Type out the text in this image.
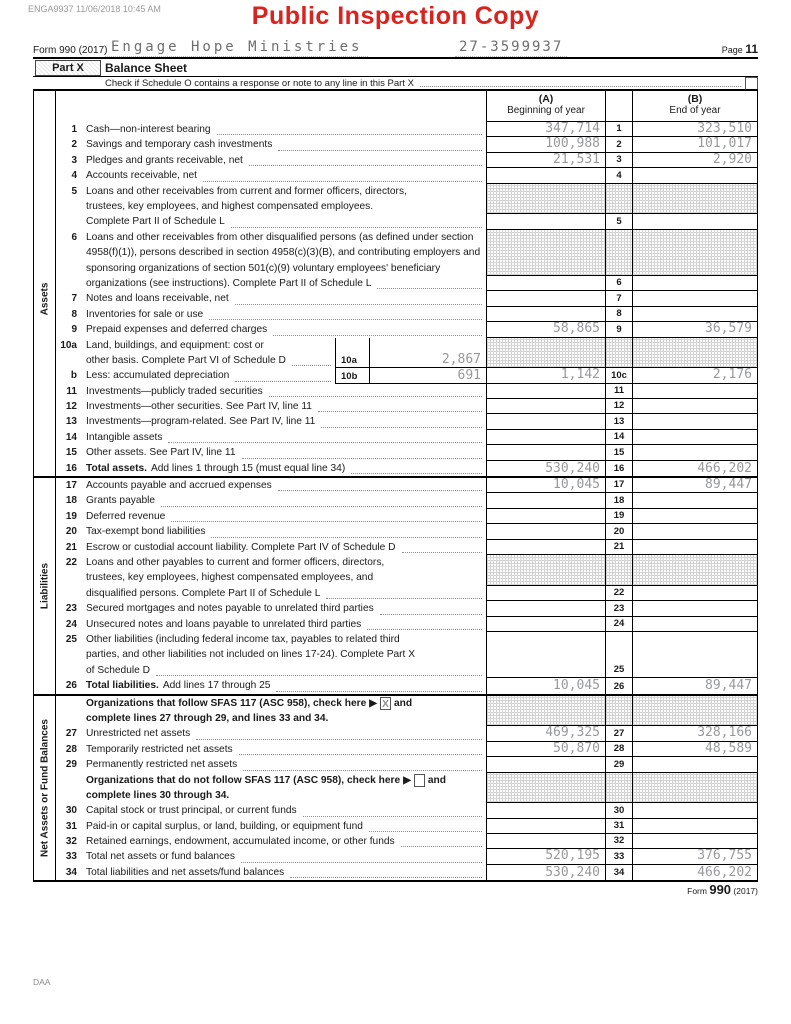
ENGA9937 11/06/2018 10:45 AM	Public Inspection Copy
Form 990 (2017) Engage Hope Ministries	27-3599937	Page 11
Part X	Balance Sheet
Check if Schedule O contains a response or note to any line in this Part X
(A)
Beginning of year
(B)
End of year
Assets
1 Cash—non-interest bearing	347,714 1	323,510
2 Savings and temporary cash investments	100,988 2	101,017
3 Pledges and grants receivable, net	21,531 3	2,920
4 Accounts receivable, net	4
5 Loans and other receivables from current and former officers, directors,
trustees, key employees, and highest compensated employees.
Complete Part II of Schedule L	5
6 Loans and other receivables from other disqualified persons (as defined under section
4958(f)(1)), persons described in section 4958(c)(3)(B), and contributing employers and
sponsoring organizations of section 501(c)(9) voluntary employees' beneficiary
organizations (see instructions). Complete Part II of Schedule L	6
7 Notes and loans receivable, net	7
8 Inventories for sale or use	8
9 Prepaid expenses and deferred charges	58,865 9	36,579
10a Land, buildings, and equipment: cost or
other basis. Complete Part VI of Schedule D	10a	2,867
b Less: accumulated depreciation	10b	691	1,142 10c	2,176
11 Investments—publicly traded securities	11
12 Investments—other securities. See Part IV, line 11	12
13 Investments—program-related. See Part IV, line 11	13
14 Intangible assets	14
15 Other assets. See Part IV, line 11	15
16 Total assets. Add lines 1 through 15 (must equal line 34)	530,240 16	466,202
Liabilities
17 Accounts payable and accrued expenses	10,045 17	89,447
18 Grants payable	18
19 Deferred revenue	19
20 Tax-exempt bond liabilities	20
21 Escrow or custodial account liability. Complete Part IV of Schedule D	21
22 Loans and other payables to current and former officers, directors,
trustees, key employees, highest compensated employees, and
disqualified persons. Complete Part II of Schedule L	22
23 Secured mortgages and notes payable to unrelated third parties	23
24 Unsecured notes and loans payable to unrelated third parties	24
25 Other liabilities (including federal income tax, payables to related third
parties, and other liabilities not included on lines 17-24). Complete Part X
of Schedule D	25
26 Total liabilities. Add lines 17 through 25	10,045 26	89,447
Net Assets or Fund Balances
Organizations that follow SFAS 117 (ASC 958), check here ▶ X and
complete lines 27 through 29, and lines 33 and 34.
27 Unrestricted net assets	469,325 27	328,166
28 Temporarily restricted net assets	50,870 28	48,589
29 Permanently restricted net assets	29
Organizations that do not follow SFAS 117 (ASC 958), check here ▶ and
complete lines 30 through 34.
30 Capital stock or trust principal, or current funds	30
31 Paid-in or capital surplus, or land, building, or equipment fund	31
32 Retained earnings, endowment, accumulated income, or other funds	32
33 Total net assets or fund balances	520,195 33	376,755
34 Total liabilities and net assets/fund balances	530,240 34	466,202
Form 990 (2017)
DAA
